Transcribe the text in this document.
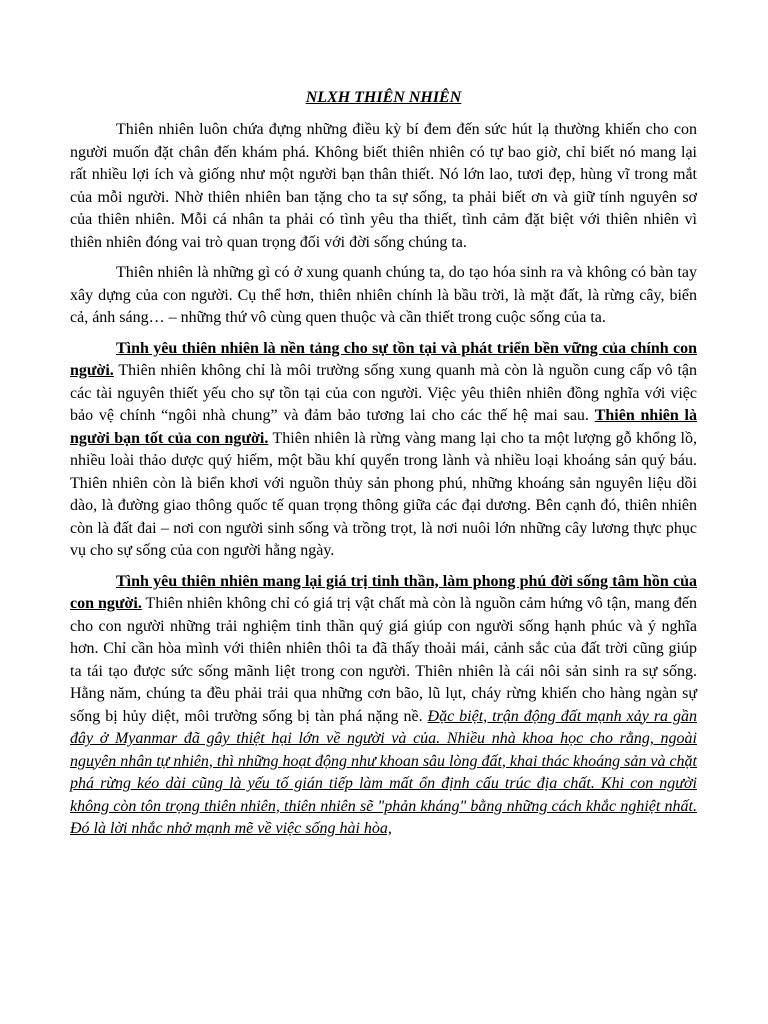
NLXH THIÊN NHIÊN

Thiên nhiên luôn chứa đựng những điều kỳ bí đem đến sức hút lạ thường khiến cho con người muốn đặt chân đến khám phá. Không biết thiên nhiên có tự bao giờ, chỉ biết nó mang lại rất nhiều lợi ích và giống như một người bạn thân thiết. Nó lớn lao, tươi đẹp, hùng vĩ trong mắt của mỗi người. Nhờ thiên nhiên ban tặng cho ta sự sống, ta phải biết ơn và giữ tính nguyên sơ của thiên nhiên. Mỗi cá nhân ta phải có tình yêu tha thiết, tình cảm đặt biệt với thiên nhiên vì thiên nhiên đóng vai trò quan trọng đối với đời sống chúng ta.

Thiên nhiên là những gì có ở xung quanh chúng ta, do tạo hóa sinh ra và không có bàn tay xây dựng của con người. Cụ thể hơn, thiên nhiên chính là bầu trời, là mặt đất, là rừng cây, biển cả, ánh sáng… – những thứ vô cùng quen thuộc và cần thiết trong cuộc sống của ta.

Tình yêu thiên nhiên là nền tảng cho sự tồn tại và phát triển bền vững của chính con người. Thiên nhiên không chỉ là môi trường sống xung quanh mà còn là nguồn cung cấp vô tận các tài nguyên thiết yếu cho sự tồn tại của con người. Việc yêu thiên nhiên đồng nghĩa với việc bảo vệ chính “ngôi nhà chung” và đảm bảo tương lai cho các thế hệ mai sau. Thiên nhiên là người bạn tốt của con người. Thiên nhiên là rừng vàng mang lại cho ta một lượng gỗ khổng lồ, nhiều loài thảo dược quý hiếm, một bầu khí quyển trong lành và nhiều loại khoáng sản quý báu. Thiên nhiên còn là biển khơi với nguồn thủy sản phong phú, những khoáng sản nguyên liệu dồi dào, là đường giao thông quốc tế quan trọng thông giữa các đại dương. Bên cạnh đó, thiên nhiên còn là đất đai – nơi con người sinh sống và trồng trọt, là nơi nuôi lớn những cây lương thực phục vụ cho sự sống của con người hằng ngày.

Tình yêu thiên nhiên mang lại giá trị tinh thần, làm phong phú đời sống tâm hồn của con người. Thiên nhiên không chỉ có giá trị vật chất mà còn là nguồn cảm hứng vô tận, mang đến cho con người những trải nghiệm tinh thần quý giá giúp con người sống hạnh phúc và ý nghĩa hơn. Chỉ cần hòa mình với thiên nhiên thôi ta đã thấy thoải mái, cảnh sắc của đất trời cũng giúp ta tái tạo được sức sống mãnh liệt trong con người. Thiên nhiên là cái nôi sản sinh ra sự sống. Hằng năm, chúng ta đều phải trải qua những cơn bão, lũ lụt, cháy rừng khiến cho hàng ngàn sự sống bị hủy diệt, môi trường sống bị tàn phá nặng nề. Đặc biệt, trận động đất mạnh xảy ra gần đây ở Myanmar đã gây thiệt hại lớn về người và của. Nhiều nhà khoa học cho rằng, ngoài nguyên nhân tự nhiên, thì những hoạt động như khoan sâu lòng đất, khai thác khoáng sản và chặt phá rừng kéo dài cũng là yếu tố gián tiếp làm mất ổn định cấu trúc địa chất. Khi con người không còn tôn trọng thiên nhiên, thiên nhiên sẽ "phản kháng" bằng những cách khắc nghiệt nhất. Đó là lời nhắc nhở mạnh mẽ về việc sống hài hòa,
